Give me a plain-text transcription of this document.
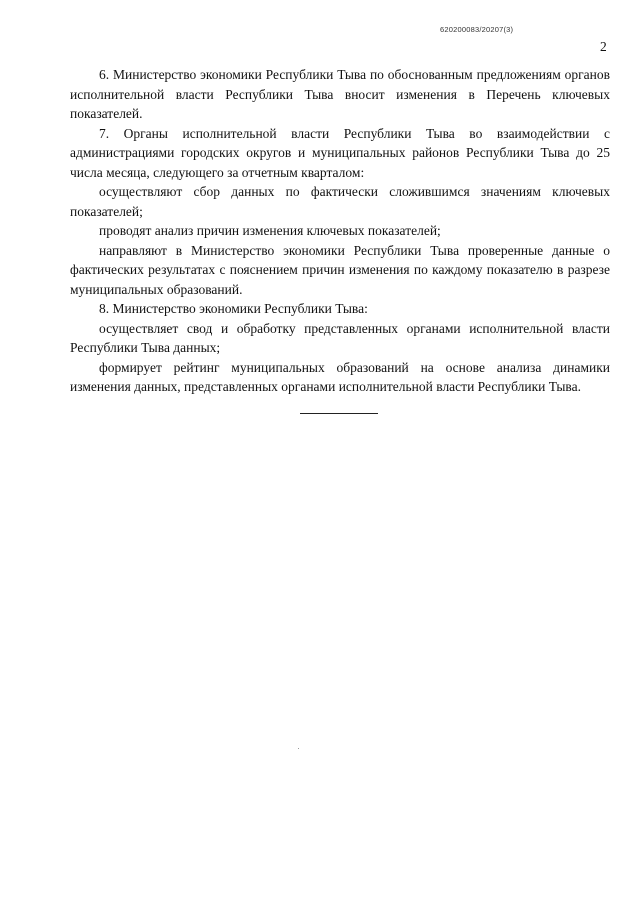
620200083/20207(3)
2

6. Министерство экономики Республики Тыва по обоснованным предложениям органов исполнительной власти Республики Тыва вносит изменения в Перечень ключевых показателей.

7. Органы исполнительной власти Республики Тыва во взаимодействии с администрациями городских округов и муниципальных районов Республики Тыва до 25 числа месяца, следующего за отчетным кварталом:

осуществляют сбор данных по фактически сложившимся значениям ключевых показателей;

проводят анализ причин изменения ключевых показателей;

направляют в Министерство экономики Республики Тыва проверенные данные о фактических результатах с пояснением причин изменения по каждому показателю в разрезе муниципальных образований.

8. Министерство экономики Республики Тыва:

осуществляет свод и обработку представленных органами исполнительной власти Республики Тыва данных;

формирует рейтинг муниципальных образований на основе анализа динамики изменения данных, представленных органами исполнительной власти Республики Тыва.
